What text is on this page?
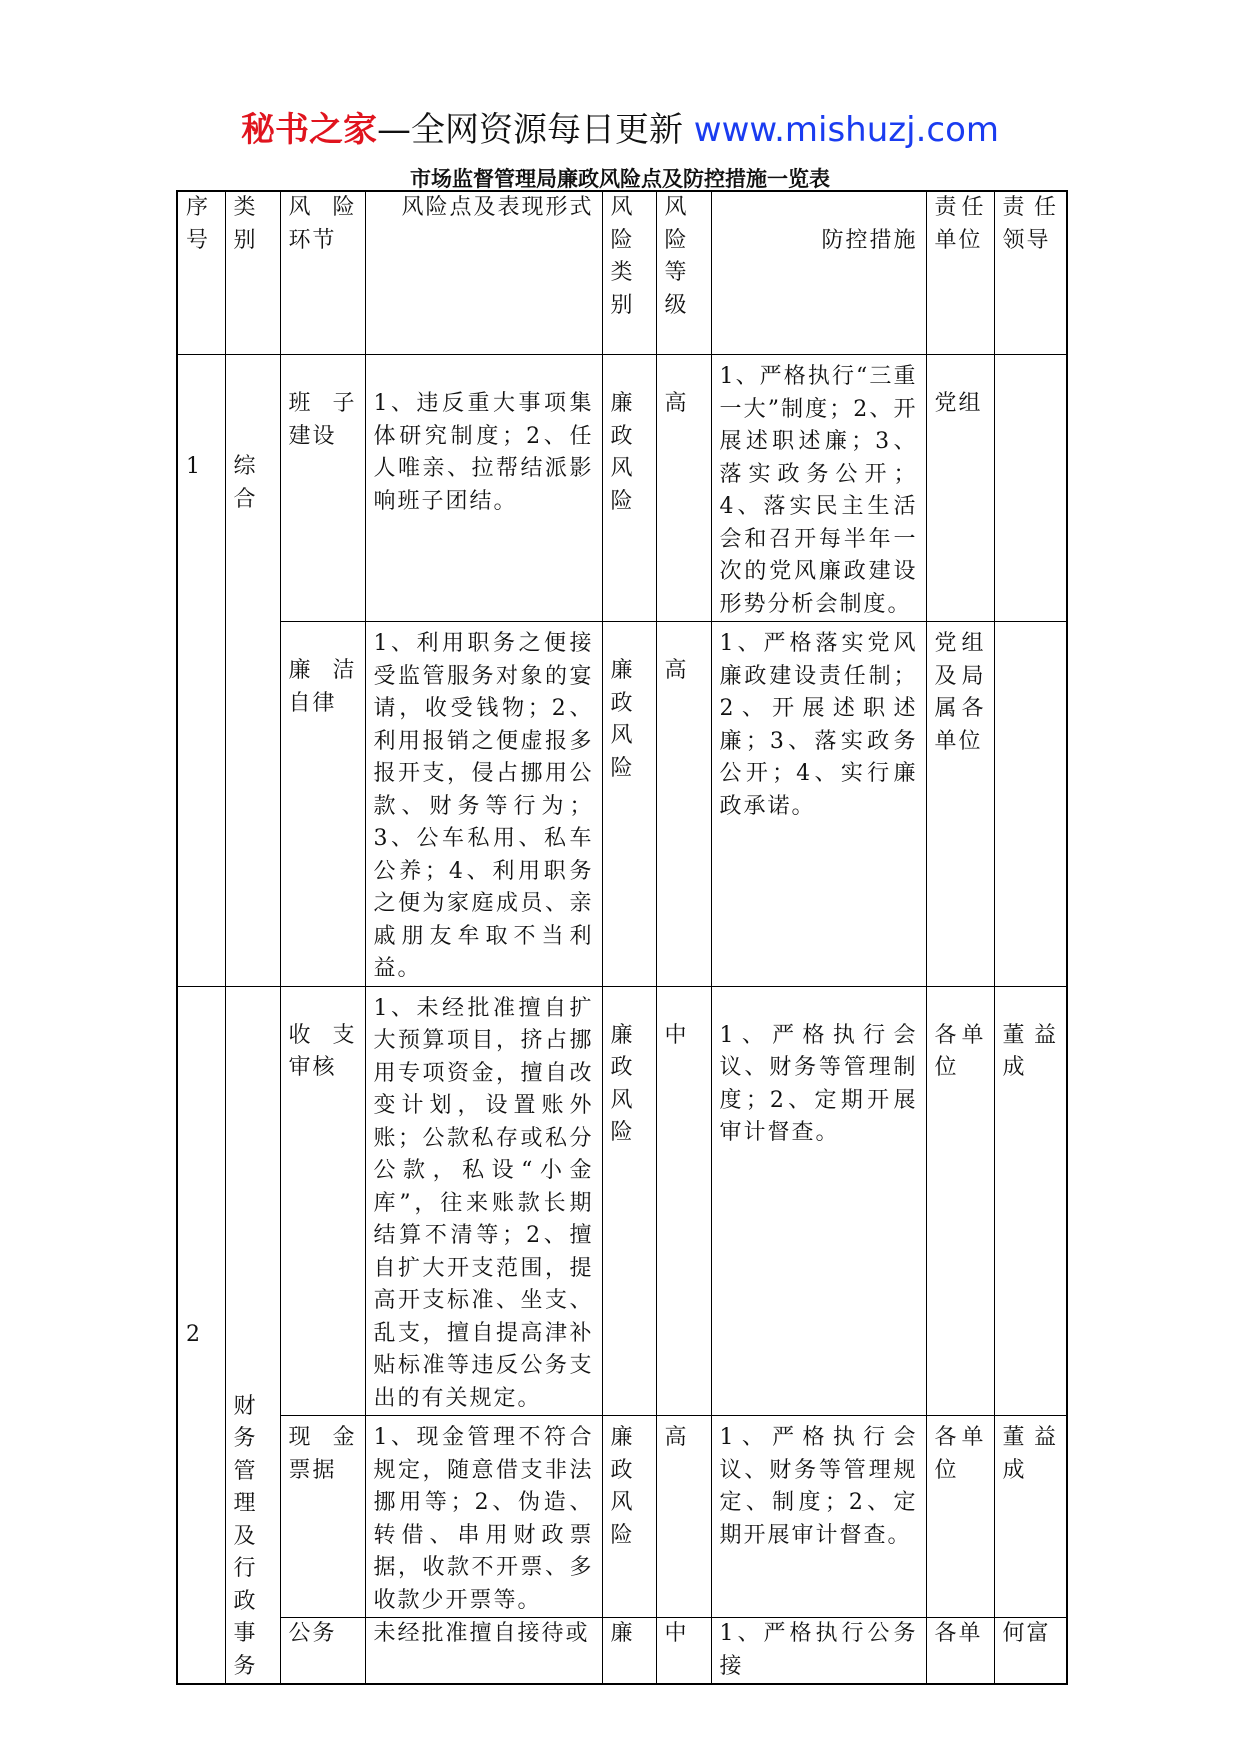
秘书之家—全网资源每日更新 www.mishuzj.com
市场监督管理局廉政风险点及防控措施一览表
序号	类别	风险环节	风险点及表现形式	风险类别	风险等级	防控措施	责任单位	责任领导
1	综合	班子建设	1、违反重大事项集体研究制度；2、任人唯亲、拉帮结派影响班子团结。	廉政风险	高	1、严格执行“三重一大”制度；2、开展述职述廉；3、落实政务公开；4、落实民主生活会和召开每半年一次的党风廉政建设形势分析会制度。	党组	
		廉洁自律	1、利用职务之便接受监管服务对象的宴请，收受钱物；2、利用报销之便虚报多报开支，侵占挪用公款、财务等行为；3、公车私用、私车公养；4、利用职务之便为家庭成员、亲戚朋友牟取不当利益。	廉政风险	高	1、严格落实党风廉政建设责任制；2、开展述职述廉；3、落实政务公开；4、实行廉政承诺。	党组及局属各单位	
2	财务管理及行政事务	收支审核	1、未经批准擅自扩大预算项目，挤占挪用专项资金，擅自改变计划，设置账外账；公款私存或私分公款，私设“小金库”，往来账款长期结算不清等；2、擅自扩大开支范围，提高开支标准、坐支、乱支，擅自提高津补贴标准等违反公务支出的有关规定。	廉政风险	中	1、严格执行会议、财务等管理制度；2、定期开展审计督查。	各单位	董益成
		现金票据	1、现金管理不符合规定，随意借支非法挪用等；2、伪造、转借、串用财政票据，收款不开票、多收款少开票等。	廉政风险	高	1、严格执行会议、财务等管理规定、制度；2、定期开展审计督查。	各单位	董益成
		公务	未经批准擅自接待或	廉	中	1、严格执行公务接	各单	何富
